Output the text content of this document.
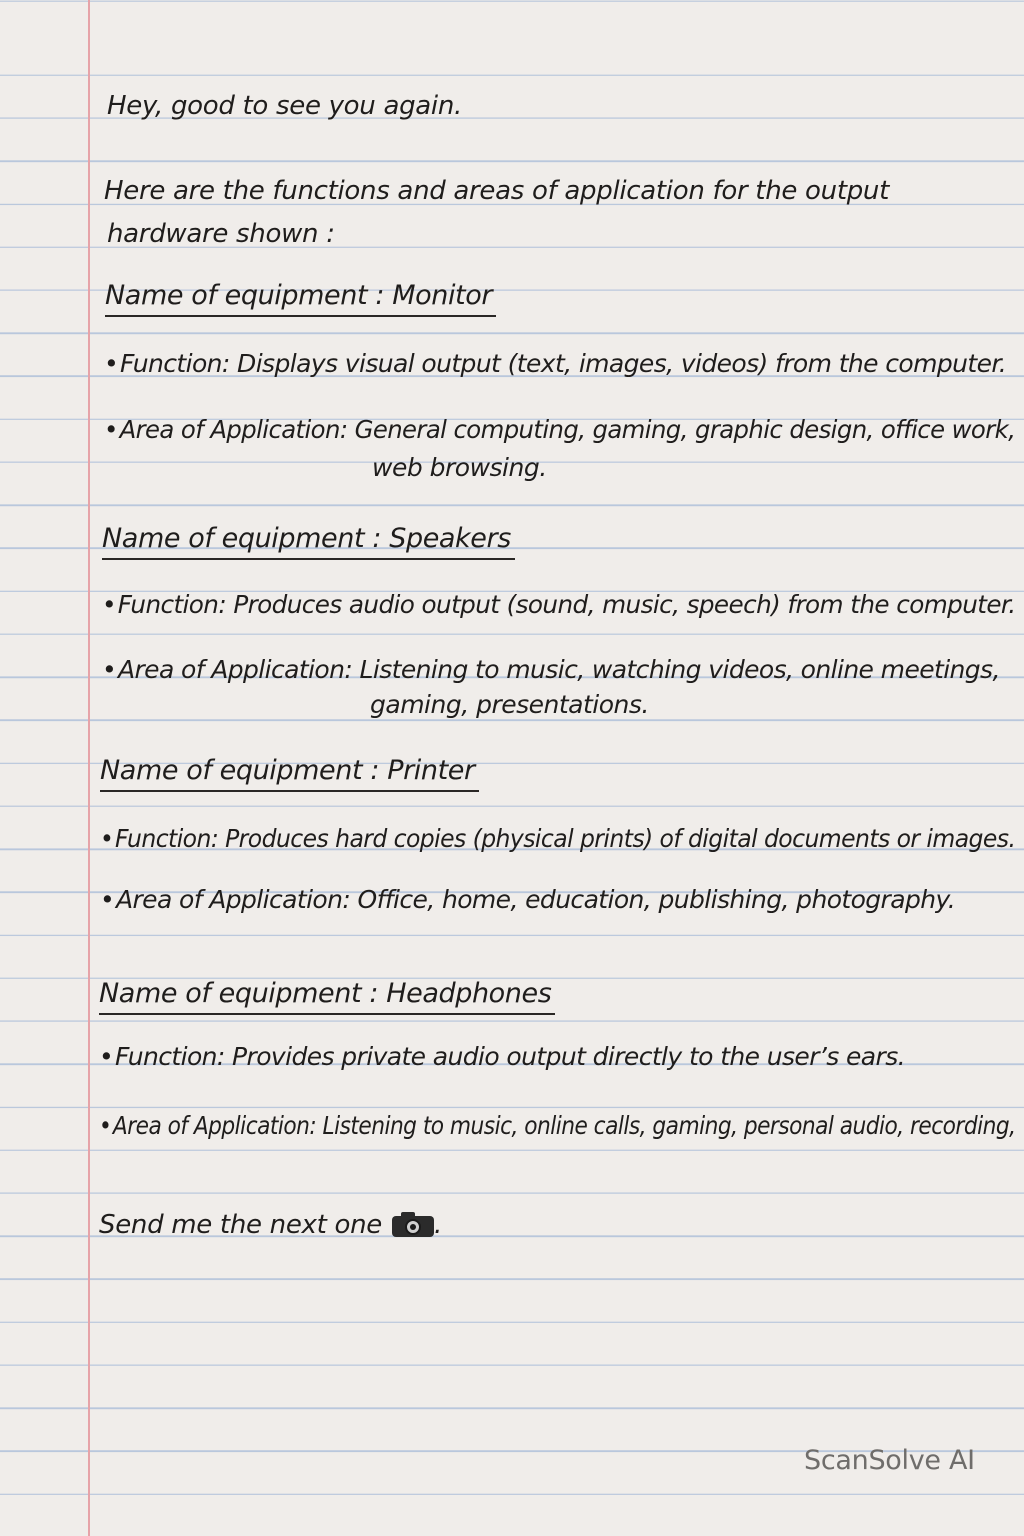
Hey, good to see you again.
Here are the functions and areas of application for the output
hardware shown :
Name of equipment : Monitor
•Function: Displays visual output (text, images, videos) from the computer.
•Area of Application: General computing, gaming, graphic design, office work,
web browsing.
Name of equipment : Speakers
•Function: Produces audio output (sound, music, speech) from the computer.
•Area of Application: Listening to music, watching videos, online meetings,
gaming, presentations.
Name of equipment : Printer
•Function: Produces hard copies (physical prints) of digital documents or images.
•Area of Application: Office, home, education, publishing, photography.
Name of equipment : Headphones
•Function: Provides private audio output directly to the user’s ears.
•Area of Application: Listening to music, online calls, gaming, personal audio, recording,
Send me the next one .
ScanSolve AI
